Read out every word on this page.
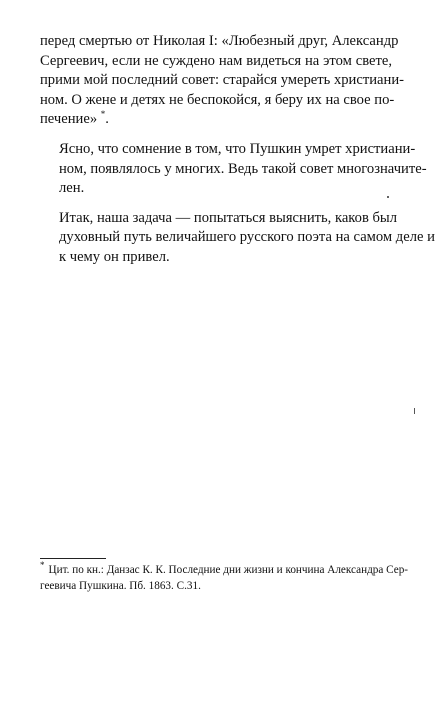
перед смертью от Николая I: «Любезный друг, Александр
Сергеевич, если не суждено нам видеться на этом свете,
прими мой последний совет: старайся умереть христиани-
ном. О жене и детях не беспокойся, я беру их на свое по-
печение» *.

Ясно, что сомнение в том, что Пушкин умрет христиани-
ном, появлялось у многих. Ведь такой совет многозначите-
лен.

Итак, наша задача — попытаться выяснить, каков был
духовный путь величайшего русского поэта на самом деле и
к чему он привел.

* Цит. по кн.: Данзас К. К. Последние дни жизни и кончина Александра Сер-
геевича Пушкина. Пб. 1863. С.31.
